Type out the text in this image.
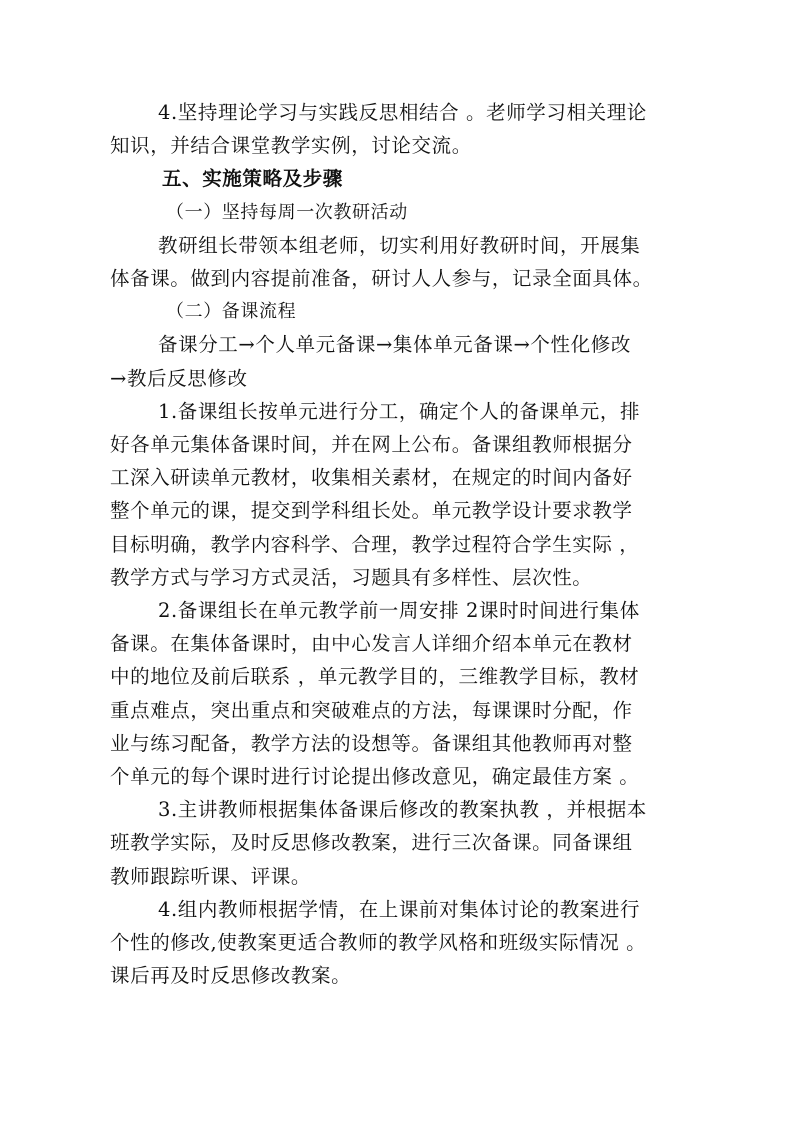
4.坚持理论学习与实践反思相结合 。老师学习相关理论
知识，并结合课堂教学实例，讨论交流。
五、实施策略及步骤
（一）坚持每周一次教研活动
教研组长带领本组老师，切实利用好教研时间，开展集
体备课。做到内容提前准备，研讨人人参与，记录全面具体。
（二）备课流程
备课分工→个人单元备课→集体单元备课→个性化修改
→教后反思修改
1.备课组长按单元进行分工，确定个人的备课单元，排
好各单元集体备课时间，并在网上公布。备课组教师根据分
工深入研读单元教材，收集相关素材，在规定的时间内备好
整个单元的课，提交到学科组长处。单元教学设计要求教学
目标明确，教学内容科学、合理，教学过程符合学生实际 ，
教学方式与学习方式灵活，习题具有多样性、层次性。
2.备课组长在单元教学前一周安排 2课时时间进行集体
备课。在集体备课时，由中心发言人详细介绍本单元在教材
中的地位及前后联系 ，单元教学目的，三维教学目标，教材
重点难点，突出重点和突破难点的方法，每课课时分配，作
业与练习配备，教学方法的设想等。备课组其他教师再对整
个单元的每个课时进行讨论提出修改意见，确定最佳方案 。
3.主讲教师根据集体备课后修改的教案执教 ，并根据本
班教学实际，及时反思修改教案，进行三次备课。同备课组
教师跟踪听课、评课。
4.组内教师根据学情，在上课前对集体讨论的教案进行
个性的修改,使教案更适合教师的教学风格和班级实际情况 。
课后再及时反思修改教案。
